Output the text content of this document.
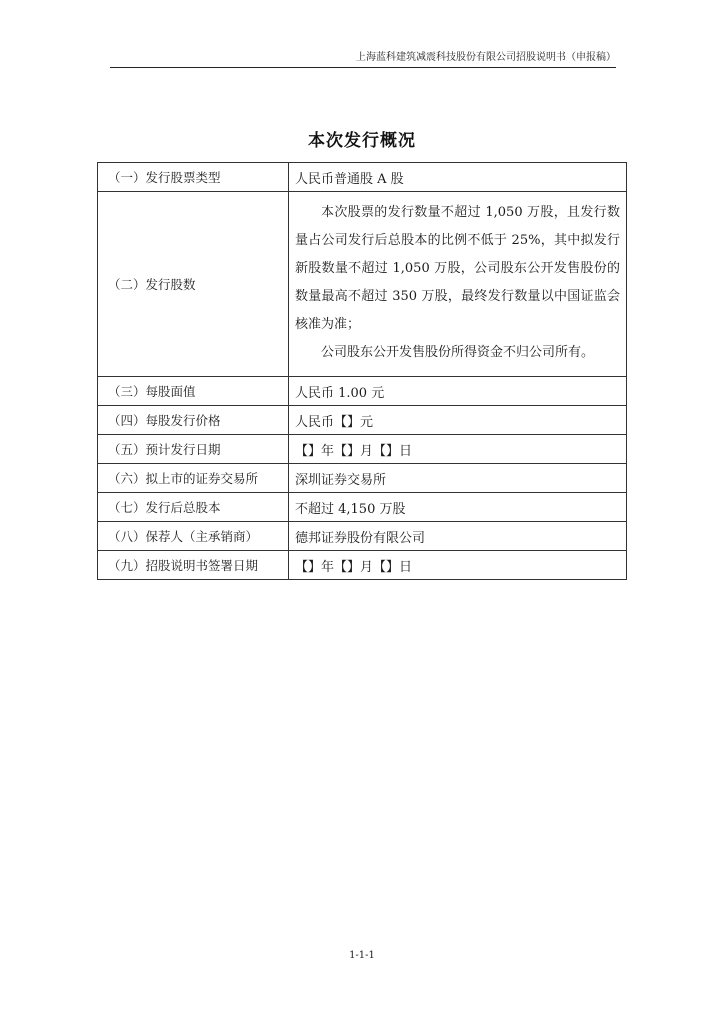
上海蓝科建筑减震科技股份有限公司招股说明书（申报稿）
本次发行概况
（一）发行股票类型	人民币普通股 A 股
（二）发行股数	本次股票的发行数量不超过 1,050 万股，且发行数量占公司发行后总股本的比例不低于 25%，其中拟发行新股数量不超过 1,050 万股，公司股东公开发售股份的数量最高不超过 350 万股，最终发行数量以中国证监会核准为准；

公司股东公开发售股份所得资金不归公司所有。

（三）每股面值	人民币 1.00 元
（四）每股发行价格	人民币【】元
（五）预计发行日期	【】年【】月【】日
（六）拟上市的证券交易所	深圳证券交易所
（七）发行后总股本	不超过 4,150 万股
（八）保荐人（主承销商）	德邦证券股份有限公司
（九）招股说明书签署日期	【】年【】月【】日
1-1-1
